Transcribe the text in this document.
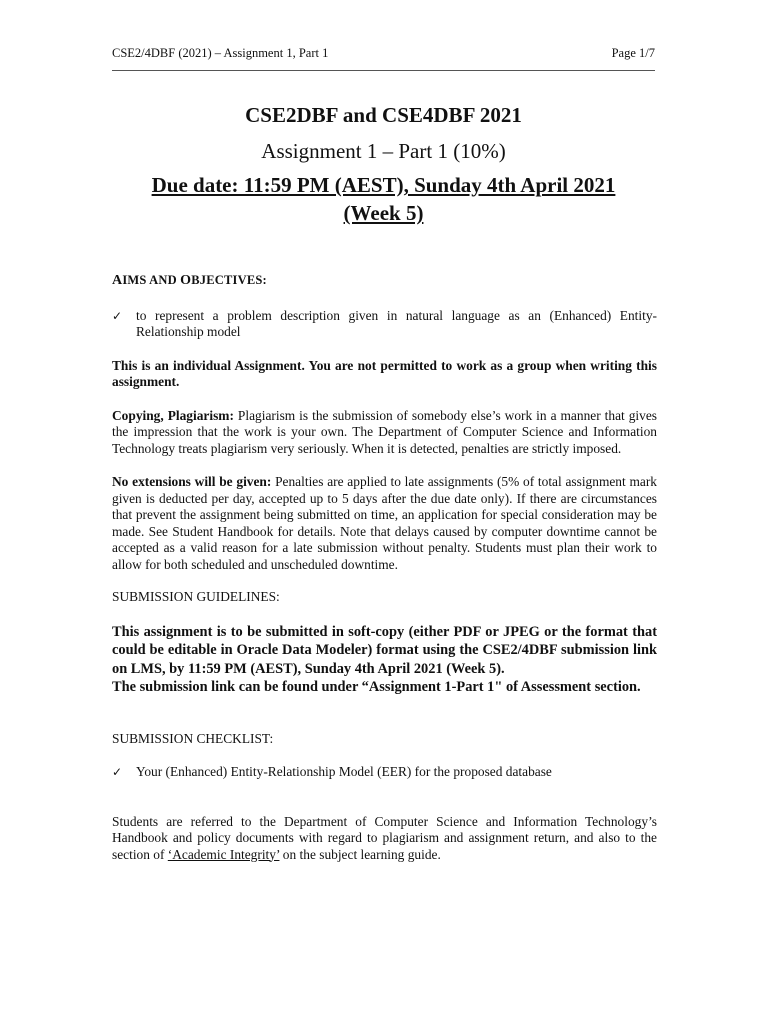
CSE2/4DBF (2021) – Assignment 1, Part 1	Page 1/7

CSE2DBF and CSE4DBF 2021

Assignment 1 – Part 1 (10%)

Due date: 11:59 PM (AEST), Sunday 4th April 2021

(Week 5)

AIMS AND OBJECTIVES:

✓ to represent a problem description given in natural language as an (Enhanced) Entity-Relationship model

This is an individual Assignment. You are not permitted to work as a group when writing this assignment.

Copying, Plagiarism: Plagiarism is the submission of somebody else’s work in a manner that gives the impression that the work is your own. The Department of Computer Science and Information Technology treats plagiarism very seriously. When it is detected, penalties are strictly imposed.

No extensions will be given: Penalties are applied to late assignments (5% of total assignment mark given is deducted per day, accepted up to 5 days after the due date only). If there are circumstances that prevent the assignment being submitted on time, an application for special consideration may be made. See Student Handbook for details. Note that delays caused by computer downtime cannot be accepted as a valid reason for a late submission without penalty. Students must plan their work to allow for both scheduled and unscheduled downtime.

SUBMISSION GUIDELINES:

This assignment is to be submitted in soft-copy (either PDF or JPEG or the format that could be editable in Oracle Data Modeler) format using the CSE2/4DBF submission link on LMS, by 11:59 PM (AEST), Sunday 4th April 2021 (Week 5).
The submission link can be found under “Assignment 1-Part 1" of Assessment section.

SUBMISSION CHECKLIST:

✓ Your (Enhanced) Entity-Relationship Model (EER) for the proposed database

Students are referred to the Department of Computer Science and Information Technology’s Handbook and policy documents with regard to plagiarism and assignment return, and also to the section of ‘Academic Integrity’ on the subject learning guide.
